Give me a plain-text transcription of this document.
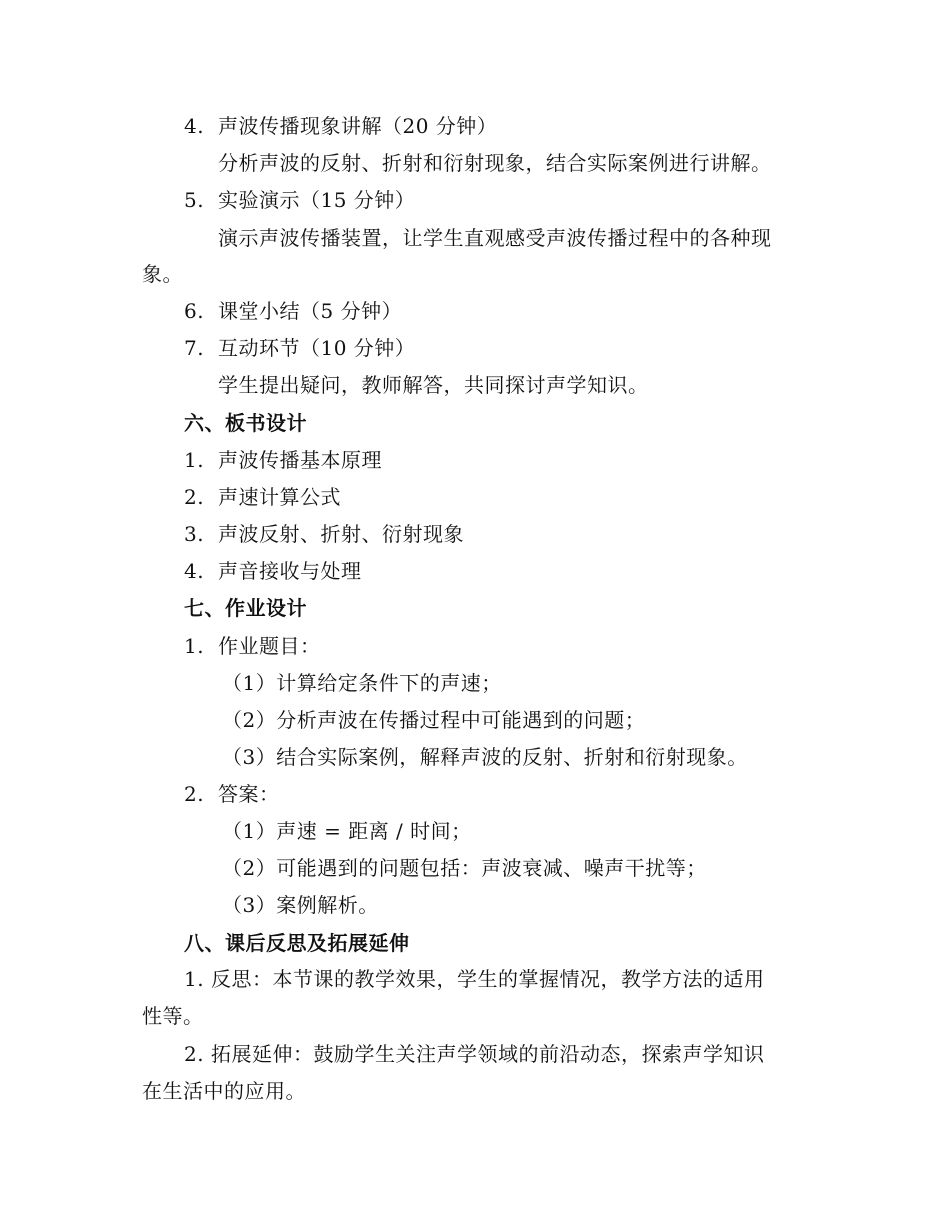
4. 声波传播现象讲解（20 分钟）
分析声波的反射、折射和衍射现象，结合实际案例进行讲解。
5. 实验演示（15 分钟）
演示声波传播装置，让学生直观感受声波传播过程中的各种现
象。
6. 课堂小结（5 分钟）
7. 互动环节（10 分钟）
学生提出疑问，教师解答，共同探讨声学知识。
六、板书设计
1. 声波传播基本原理
2. 声速计算公式
3. 声波反射、折射、衍射现象
4. 声音接收与处理
七、作业设计
1. 作业题目：
（1）计算给定条件下的声速；
（2）分析声波在传播过程中可能遇到的问题；
（3）结合实际案例，解释声波的反射、折射和衍射现象。
2. 答案：
（1）声速 = 距离 / 时间；
（2）可能遇到的问题包括：声波衰减、噪声干扰等；
（3）案例解析。
八、课后反思及拓展延伸
1. 反思：本节课的教学效果，学生的掌握情况，教学方法的适用
性等。
2. 拓展延伸：鼓励学生关注声学领域的前沿动态，探索声学知识
在生活中的应用。
